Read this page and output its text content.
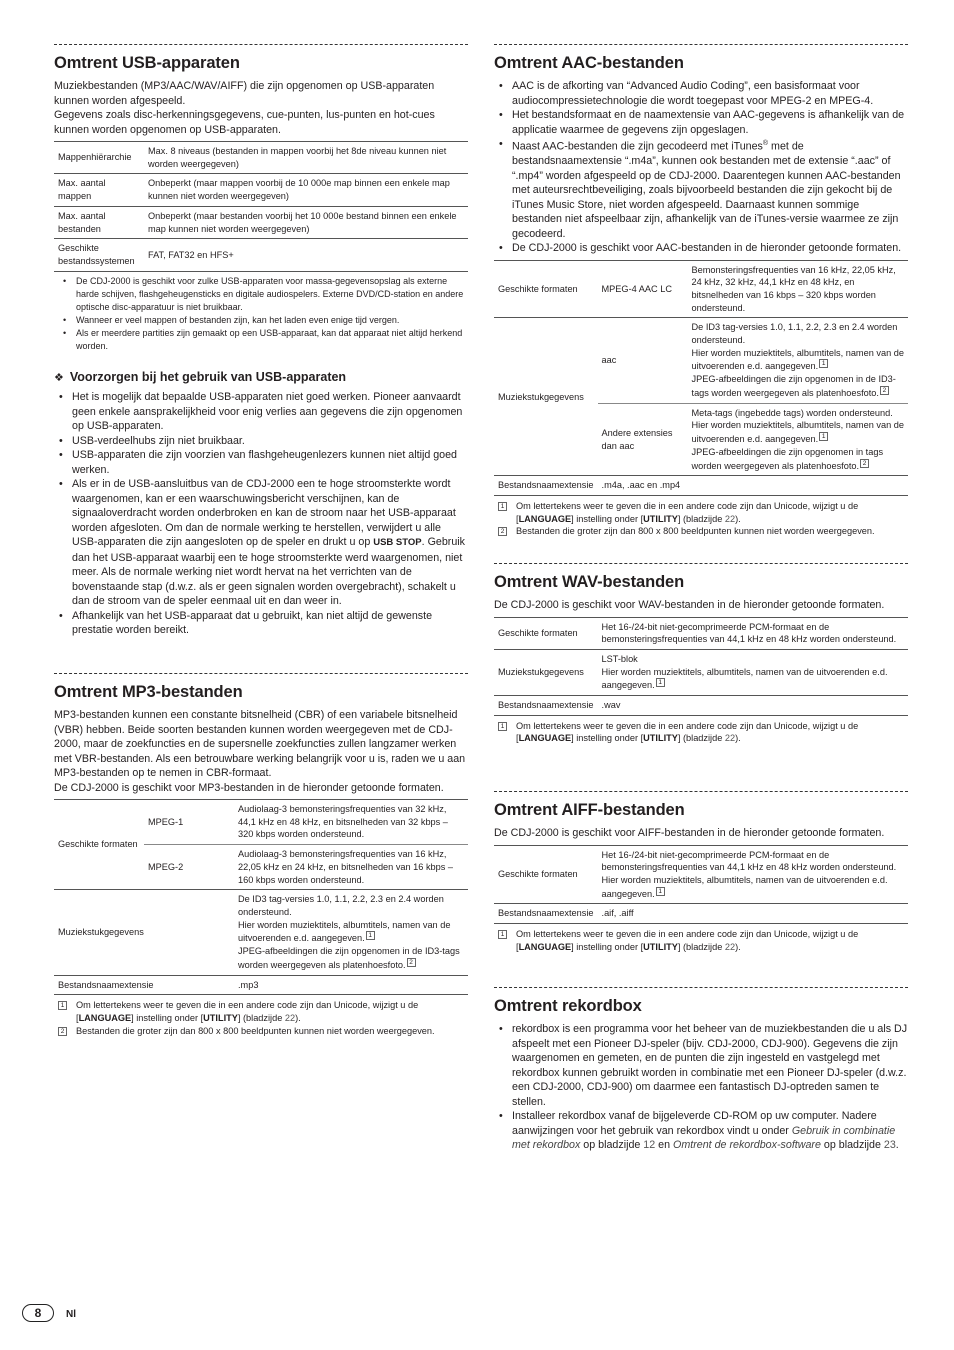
Omtrent USB-apparaten

Muziekbestanden (MP3/AAC/WAV/AIFF) die zijn opgenomen op USB-apparaten kunnen worden afgespeeld.

Gegevens zoals disc-herkenningsgegevens, cue-punten, lus-punten en hot-cues kunnen worden opgenomen op USB-apparaten.

Mappenhiërarchie	Max. 8 niveaus (bestanden in mappen voorbij het 8de niveau kunnen niet worden weergegeven)
Max. aantal mappen	Onbeperkt (maar mappen voorbij de 10 000e map binnen een enkele map kunnen niet worden weergegeven)
Max. aantal bestanden	Onbeperkt (maar bestanden voorbij het 10 000e bestand binnen een enkele map kunnen niet worden weergegeven)
Geschikte bestandssystemen	FAT, FAT32 en HFS+
• De CDJ-2000 is geschikt voor zulke USB-apparaten voor massa-gegevensopslag als externe harde schijven, flashgeheugensticks en digitale audiospelers. Externe DVD/CD-station en andere optische disc-apparatuur is niet bruikbaar.
• Wanneer er veel mappen of bestanden zijn, kan het laden even enige tijd vergen.
• Als er meerdere partities zijn gemaakt op een USB-apparaat, kan dat apparaat niet altijd herkend worden.
❖ Voorzorgen bij het gebruik van USB-apparaten
• Het is mogelijk dat bepaalde USB-apparaten niet goed werken. Pioneer aanvaardt geen enkele aansprakelijkheid voor enig verlies aan gegevens die zijn opgenomen op USB-apparaten.
• USB-verdeelhubs zijn niet bruikbaar.
• USB-apparaten die zijn voorzien van flashgeheugenlezers kunnen niet altijd goed werken.
• Als er in de USB-aansluitbus van de CDJ-2000 een te hoge stroomsterkte wordt waargenomen, kan er een waarschuwingsbericht verschijnen, kan de signaaloverdracht worden onderbroken en kan de stroom naar het USB-apparaat worden afgesloten. Om dan de normale werking te herstellen, verwijdert u alle USB-apparaten die zijn aangesloten op de speler en drukt u op USB STOP. Gebruik dan het USB-apparaat waarbij een te hoge stroomsterkte werd waargenomen, niet meer. Als de normale werking niet wordt hervat na het verrichten van de bovenstaande stap (d.w.z. als er geen signalen worden overgebracht), schakelt u dan de stroom van de speler eenmaal uit en dan weer in.
• Afhankelijk van het USB-apparaat dat u gebruikt, kan niet altijd de gewenste prestatie worden bereikt.
Omtrent MP3-bestanden

MP3-bestanden kunnen een constante bitsnelheid (CBR) of een variabele bitsnelheid (VBR) hebben. Beide soorten bestanden kunnen worden weergegeven met de CDJ-2000, maar de zoekfuncties en de supersnelle zoekfuncties zullen langzamer werken met VBR-bestanden. Als een betrouwbare werking belangrijk voor u is, raden we u aan MP3-bestanden op te nemen in CBR-formaat.

De CDJ-2000 is geschikt voor MP3-bestanden in de hieronder getoonde formaten.

Geschikte formaten	MPEG-1	Audiolaag-3 bemonsteringsfrequenties van 32 kHz, 44,1 kHz en 48 kHz, en bitsnelheden van 32 kbps – 320 kbps worden ondersteund.
	MPEG-2	Audiolaag-3 bemonsteringsfrequenties van 16 kHz, 22,05 kHz en 24 kHz, en bitsnelheden van 16 kbps – 160 kbps worden ondersteund.
Muziekstukgegevens		De ID3 tag-versies 1.0, 1.1, 2.2, 2.3 en 2.4 worden ondersteund.
Hier worden muziektitels, albumtitels, namen van de uitvoerenden e.d. aangegeven. 1
JPEG-afbeeldingen die zijn opgenomen in de ID3-tags worden weergegeven als platenhoesfoto. 2

Bestandsnaamextensie		.mp3
1 Om lettertekens weer te geven die in een andere code zijn dan Unicode, wijzigt u de [LANGUAGE] instelling onder [UTILITY] (bladzijde 22).
2 Bestanden die groter zijn dan 800 x 800 beeldpunten kunnen niet worden weergegeven.
Omtrent AAC-bestanden
• AAC is de afkorting van “Advanced Audio Coding”, een basisformaat voor audiocompressietechnologie die wordt toegepast voor MPEG-2 en MPEG-4.
• Het bestandsformaat en de naamextensie van AAC-gegevens is afhankelijk van de applicatie waarmee de gegevens zijn opgeslagen.
• Naast AAC-bestanden die zijn gecodeerd met iTunes® met de bestandsnaamextensie “.m4a”, kunnen ook bestanden met de extensie “.aac” of “.mp4” worden afgespeeld op de CDJ-2000. Daarentegen kunnen AAC-bestanden met auteursrechtbeveiliging, zoals bijvoorbeeld bestanden die zijn gekocht bij de iTunes Music Store, niet worden afgespeeld. Daarnaast kunnen sommige bestanden niet afspeelbaar zijn, afhankelijk van de iTunes-versie waarmee ze zijn gecodeerd.
• De CDJ-2000 is geschikt voor AAC-bestanden in de hieronder getoonde formaten.
Geschikte formaten	MPEG-4 AAC LC	Bemonsteringsfrequenties van 16 kHz, 22,05 kHz, 24 kHz, 32 kHz, 44,1 kHz en 48 kHz, en bitsnelheden van 16 kbps – 320 kbps worden ondersteund.
Muziekstukgegevens	aac	De ID3 tag-versies 1.0, 1.1, 2.2, 2.3 en 2.4 worden ondersteund.
Hier worden muziektitels, albumtitels, namen van de uitvoerenden e.d. aangegeven. 1
JPEG-afbeeldingen die zijn opgenomen in de ID3-tags worden weergegeven als platenhoesfoto. 2

	Andere extensies dan aac	Meta-tags (ingebedde tags) worden ondersteund.
Hier worden muziektitels, albumtitels, namen van de uitvoerenden e.d. aangegeven. 1
JPEG-afbeeldingen die zijn opgenomen in tags worden weergegeven als platenhoesfoto. 2

Bestandsnaamextensie	.m4a, .aac en .mp4	
1 Om lettertekens weer te geven die in een andere code zijn dan Unicode, wijzigt u de [LANGUAGE] instelling onder [UTILITY] (bladzijde 22).
2 Bestanden die groter zijn dan 800 x 800 beeldpunten kunnen niet worden weergegeven.
Omtrent WAV-bestanden

De CDJ-2000 is geschikt voor WAV-bestanden in de hieronder getoonde formaten.

Geschikte formaten	Het 16-/24-bit niet-gecomprimeerde PCM-formaat en de bemonsteringsfrequenties van 44,1 kHz en 48 kHz worden ondersteund.
Muziekstukgegevens	LST-blok
Hier worden muziektitels, albumtitels, namen van de uitvoerenden e.d. aangegeven. 1

Bestandsnaamextensie	.wav
1 Om lettertekens weer te geven die in een andere code zijn dan Unicode, wijzigt u de [LANGUAGE] instelling onder [UTILITY] (bladzijde 22).
Omtrent AIFF-bestanden

De CDJ-2000 is geschikt voor AIFF-bestanden in de hieronder getoonde formaten.

Geschikte formaten	Het 16-/24-bit niet-gecomprimeerde PCM-formaat en de bemonsteringsfrequenties van 44,1 kHz en 48 kHz worden ondersteund.
Hier worden muziektitels, albumtitels, namen van de uitvoerenden e.d. aangegeven. 1

Bestandsnaamextensie	.aif, .aiff
1 Om lettertekens weer te geven die in een andere code zijn dan Unicode, wijzigt u de [LANGUAGE] instelling onder [UTILITY] (bladzijde 22).
Omtrent rekordbox
• rekordbox is een programma voor het beheer van de muziekbestanden die u als DJ afspeelt met een Pioneer DJ-speler (bijv. CDJ-2000, CDJ-900). Gegevens die zijn waargenomen en gemeten, en de punten die zijn ingesteld en vastgelegd met rekordbox kunnen gebruikt worden in combinatie met een Pioneer DJ-speler (d.w.z. een CDJ-2000, CDJ-900) om daarmee een fantastisch DJ-optreden samen te stellen.
• Installeer rekordbox vanaf de bijgeleverde CD-ROM op uw computer. Nadere aanwijzingen voor het gebruik van rekordbox vindt u onder Gebruik in combinatie met rekordbox op bladzijde 12 en Omtrent de rekordbox-software op bladzijde 23.
8 Nl
